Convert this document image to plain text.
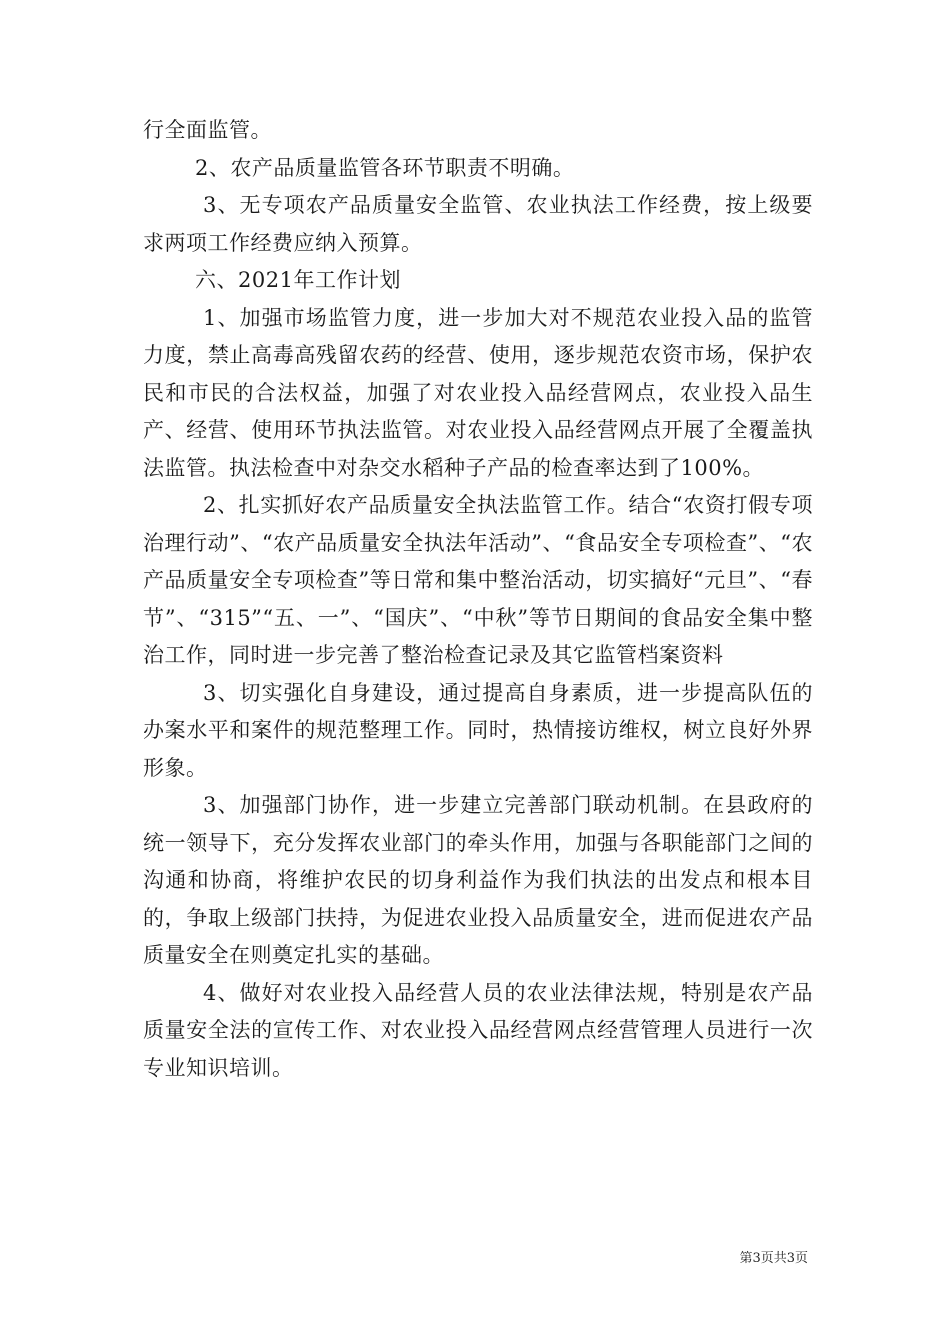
行全面监管。

2、农产品质量监管各环节职责不明确。

3、无专项农产品质量安全监管、农业执法工作经费，按上级要求两项工作经费应纳入预算。

六、2021年工作计划

1、加强市场监管力度，进一步加大对不规范农业投入品的监管力度，禁止高毒高残留农药的经营、使用，逐步规范农资市场，保护农民和市民的合法权益，加强了对农业投入品经营网点，农业投入品生产、经营、使用环节执法监管。对农业投入品经营网点开展了全覆盖执法监管。执法检查中对杂交水稻种子产品的检查率达到了100%。

2、扎实抓好农产品质量安全执法监管工作。结合“农资打假专项治理行动”、“农产品质量安全执法年活动”、“食品安全专项检查”、“农产品质量安全专项检查”等日常和集中整治活动，切实搞好“元旦”、“春节”、“315”“五、一”、“国庆”、“中秋”等节日期间的食品安全集中整治工作，同时进一步完善了整治检查记录及其它监管档案资料

3、切实强化自身建设，通过提高自身素质，进一步提高队伍的办案水平和案件的规范整理工作。同时，热情接访维权，树立良好外界形象。

3、加强部门协作，进一步建立完善部门联动机制。在县政府的统一领导下，充分发挥农业部门的牵头作用，加强与各职能部门之间的沟通和协商，将维护农民的切身利益作为我们执法的出发点和根本目的，争取上级部门扶持，为促进农业投入品质量安全，进而促进农产品质量安全在则奠定扎实的基础。

4、做好对农业投入品经营人员的农业法律法规，特别是农产品质量安全法的宣传工作、对农业投入品经营网点经营管理人员进行一次专业知识培训。

第3页共3页
